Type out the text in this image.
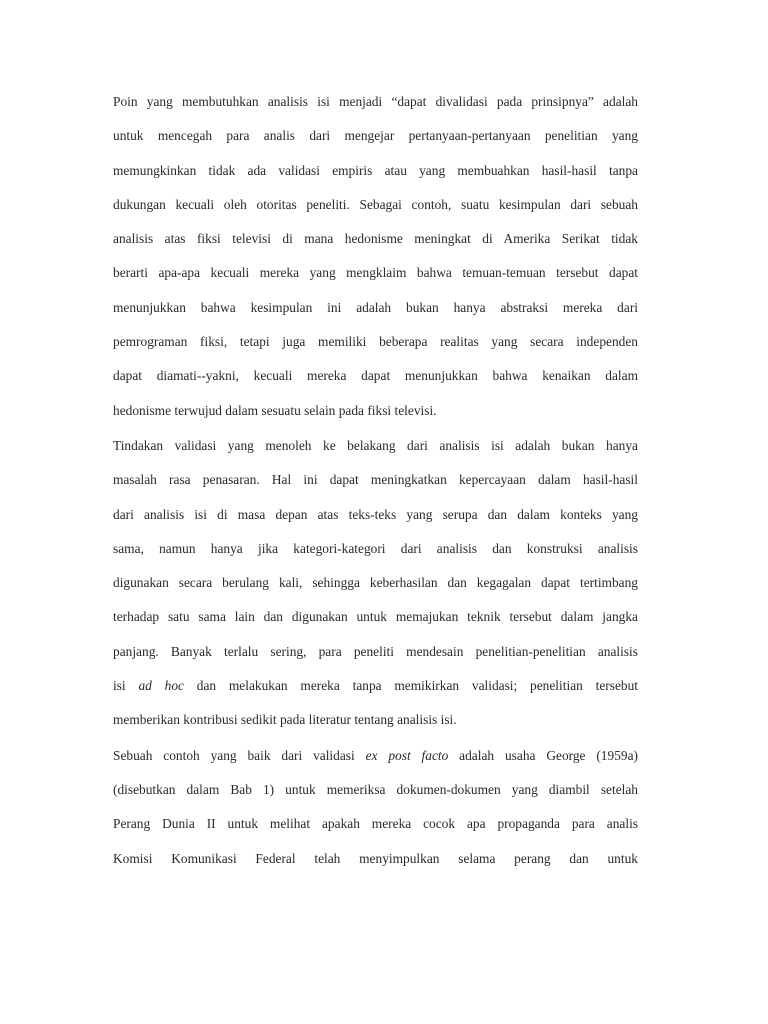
Poin yang membutuhkan analisis isi menjadi “dapat divalidasi pada prinsipnya” adalah
untuk mencegah para analis dari mengejar pertanyaan-pertanyaan penelitian yang
memungkinkan tidak ada validasi empiris atau yang membuahkan hasil-hasil tanpa
dukungan kecuali oleh otoritas peneliti. Sebagai contoh, suatu kesimpulan dari sebuah
analisis atas fiksi televisi di mana hedonisme meningkat di Amerika Serikat tidak
berarti apa-apa kecuali mereka yang mengklaim bahwa temuan-temuan tersebut dapat
menunjukkan bahwa kesimpulan ini adalah bukan hanya abstraksi mereka dari
pemrograman fiksi, tetapi juga memiliki beberapa realitas yang secara independen
dapat diamati--yakni, kecuali mereka dapat menunjukkan bahwa kenaikan dalam
hedonisme terwujud dalam sesuatu selain pada fiksi televisi.
Tindakan validasi yang menoleh ke belakang dari analisis isi adalah bukan hanya
masalah rasa penasaran. Hal ini dapat meningkatkan kepercayaan dalam hasil-hasil
dari analisis isi di masa depan atas teks-teks yang serupa dan dalam konteks yang
sama, namun hanya jika kategori-kategori dari analisis dan konstruksi analisis
digunakan secara berulang kali, sehingga keberhasilan dan kegagalan dapat tertimbang
terhadap satu sama lain dan digunakan untuk memajukan teknik tersebut dalam jangka
panjang. Banyak terlalu sering, para peneliti mendesain penelitian-penelitian analisis
isi ad hoc dan melakukan mereka tanpa memikirkan validasi; penelitian tersebut
memberikan kontribusi sedikit pada literatur tentang analisis isi.
Sebuah contoh yang baik dari validasi ex post facto adalah usaha George (1959a)
(disebutkan dalam Bab 1) untuk memeriksa dokumen-dokumen yang diambil setelah
Perang Dunia II untuk melihat apakah mereka cocok apa propaganda para analis
Komisi Komunikasi Federal telah menyimpulkan selama perang dan untuk
